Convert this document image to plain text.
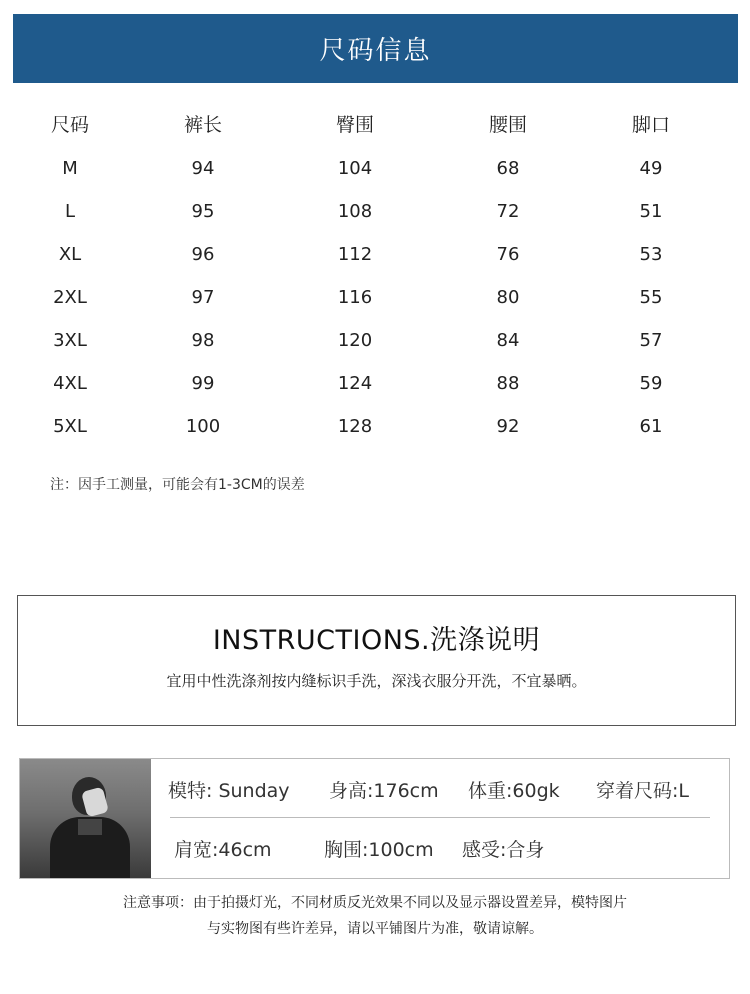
尺码信息
尺码	裤长	臀围	腰围	脚口
M	94	104	68	49
L	95	108	72	51
XL	96	112	76	53
2XL	97	116	80	55
3XL	98	120	84	57
4XL	99	124	88	59
5XL	100	128	92	61
注：因手工测量，可能会有1-3CM的误差
INSTRUCTIONS.洗涤说明
宜用中性洗涤剂按内缝标识手洗，深浅衣服分开洗，不宜暴晒。
模特: Sunday 身高:176cm 体重:60gk 穿着尺码:L
肩宽:46cm	胸围:100cm 感受:合身
注意事项：由于拍摄灯光，不同材质反光效果不同以及显示器设置差异，模特图片
与实物图有些许差异，请以平铺图片为准，敬请谅解。
